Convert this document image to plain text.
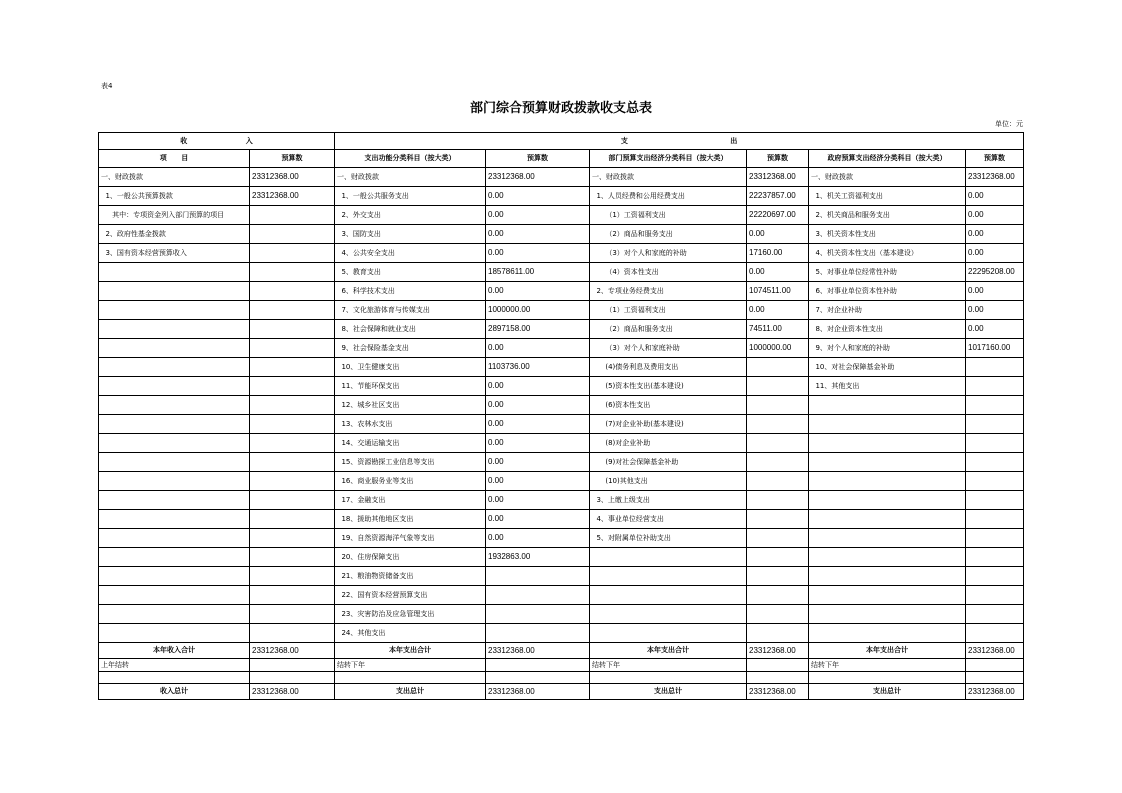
表4
部门综合预算财政拨款收支总表
单位：元
收                        入		支                                          出					
项      目	预算数	支出功能分类科目（按大类）	预算数	部门预算支出经济分类科目（按大类）	预算数	政府预算支出经济分类科目（按大类）	预算数
一、财政拨款	23312368.00	一、财政拨款	23312368.00	一、财政拨款	23312368.00	一、财政拨款	23312368.00
1、一般公共预算拨款	23312368.00	1、一般公共服务支出	0.00	1、人员经费和公用经费支出	22237857.00	1、机关工资福利支出	0.00
其中：专项资金列入部门预算的项目		2、外交支出	0.00	（1）工资福利支出	22220697.00	2、机关商品和服务支出	0.00
2、政府性基金拨款		3、国防支出	0.00	（2）商品和服务支出	0.00	3、机关资本性支出	0.00
3、国有资本经营预算收入		4、公共安全支出	0.00	（3）对个人和家庭的补助	17160.00	4、机关资本性支出（基本建设）	0.00
		5、教育支出	18578611.00	（4）资本性支出	0.00	5、对事业单位经常性补助	22295208.00
		6、科学技术支出	0.00	2、专项业务经费支出	1074511.00	6、对事业单位资本性补助	0.00
		7、文化旅游体育与传媒支出	1000000.00	（1）工资福利支出	0.00	7、对企业补助	0.00
		8、社会保障和就业支出	2897158.00	（2）商品和服务支出	74511.00	8、对企业资本性支出	0.00
		9、社会保险基金支出	0.00	（3）对个人和家庭补助	1000000.00	9、对个人和家庭的补助	1017160.00
		10、卫生健康支出	1103736.00	(4)债务利息及费用支出		10、对社会保障基金补助	
		11、节能环保支出	0.00	(5)资本性支出(基本建设)		11、其他支出	
		12、城乡社区支出	0.00	(6)资本性支出			
		13、农林水支出	0.00	(7)对企业补助(基本建设)			
		14、交通运输支出	0.00	(8)对企业补助			
		15、资源勘探工业信息等支出	0.00	(9)对社会保障基金补助			
		16、商业服务业等支出	0.00	(10)其他支出			
		17、金融支出	0.00	3、上缴上级支出			
		18、援助其他地区支出	0.00	4、事业单位经营支出			
		19、自然资源海洋气象等支出	0.00	5、对附属单位补助支出			
		20、住房保障支出	1932863.00				
		21、粮油物资储备支出					
		22、国有资本经营预算支出					
		23、灾害防治及应急管理支出					
		24、其他支出					
本年收入合计	23312368.00	本年支出合计	23312368.00	本年支出合计	23312368.00	本年支出合计	23312368.00
上年结转		结转下年		结转下年		结转下年	

收入总计	23312368.00	支出总计	23312368.00	支出总计	23312368.00	支出总计	23312368.00
